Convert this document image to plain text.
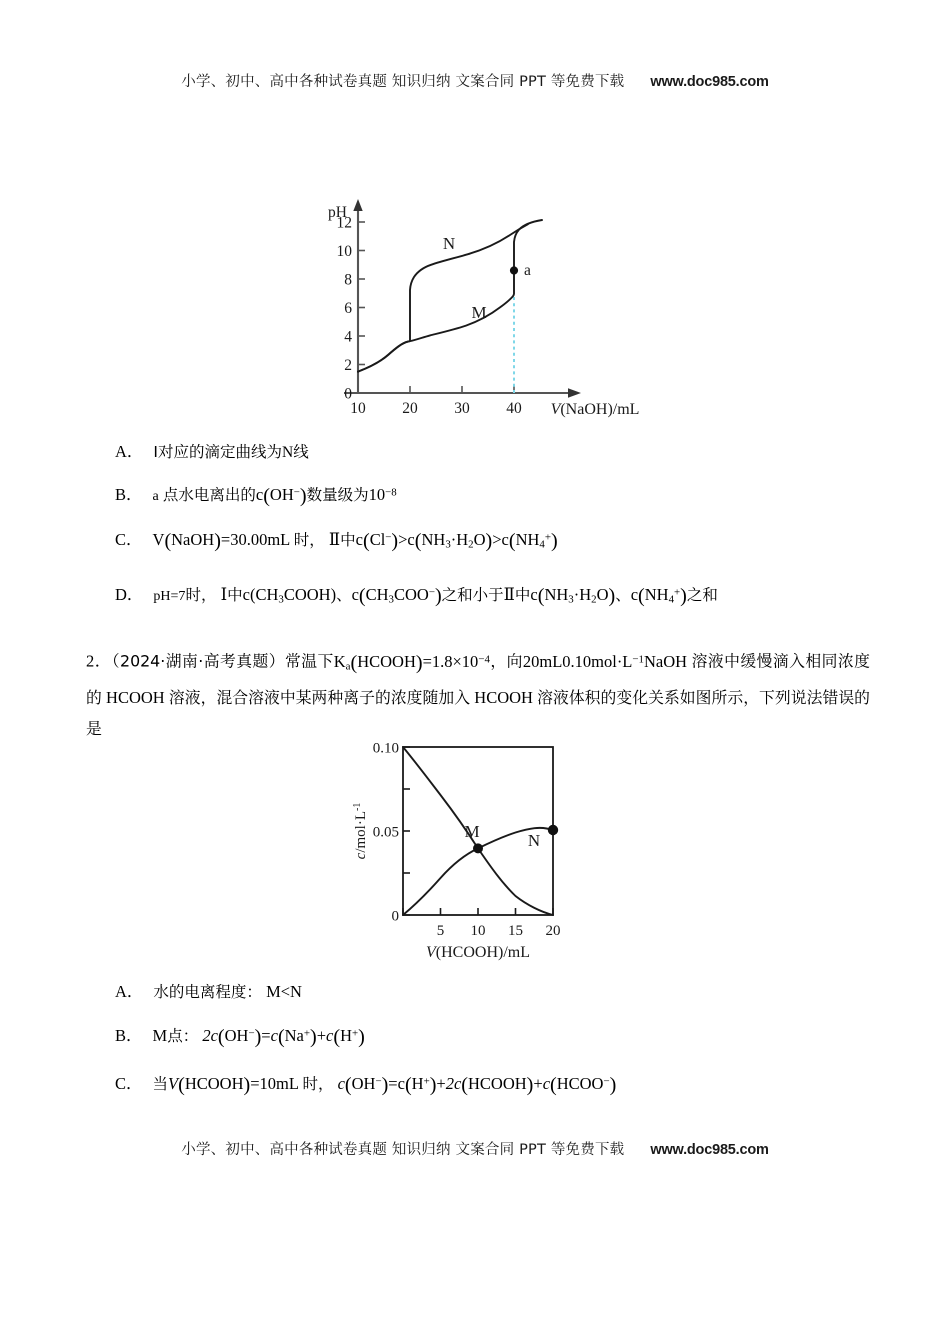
小学、初中、高中各种试卷真题 知识归纳 文案合同 PPT 等免费下载 www.doc985.com
0
2
4
6
8
10
12
10 20 30 40
pH
V(NaOH)/mL
N
M
a
A． Ⅰ对应的滴定曲线为N线
B． a 点水电离出的c(OH−)数量级为$10^{-8}$
C． V(NaOH)=30.00mL 时， Ⅱ中$c(Cl^-)>c(NH_3\cdot H_2O)>c(NH_4^+)$
D． pH=7时， Ⅰ中$c(CH_3COOH)$、$c(CH_3COO^-)$之和小于Ⅱ中$c(NH_3\cdot H_2O)$、$c(NH_4^+)$之和
2．（2024·湖南·高考真题）常温下$K_a(HCOOH)=1.8\times 10^{-4}$，向$20mL0.10mol\cdot L^{-1}NaOH$ 溶液中缓慢滴入相同浓度的 HCOOH 溶液，混合溶液中某两种离子的浓度随加入 HCOOH 溶液体积的变化关系如图所示，下列说法错误的是
0.10
0.05
0
5 10 15 20
$c/mol\cdot L^{-1}$
V(HCOOH)/mL
M	N
A． 水的电离程度： M<N
B． M点： 2c(OH−)=c(Na+)+c(H+)
C． 当V(HCOOH)=10mL 时， c(OH−)=c(H+)+2c(HCOOH)+c(HCOO−)
小学、初中、高中各种试卷真题 知识归纳 文案合同 PPT 等免费下载 www.doc985.com
